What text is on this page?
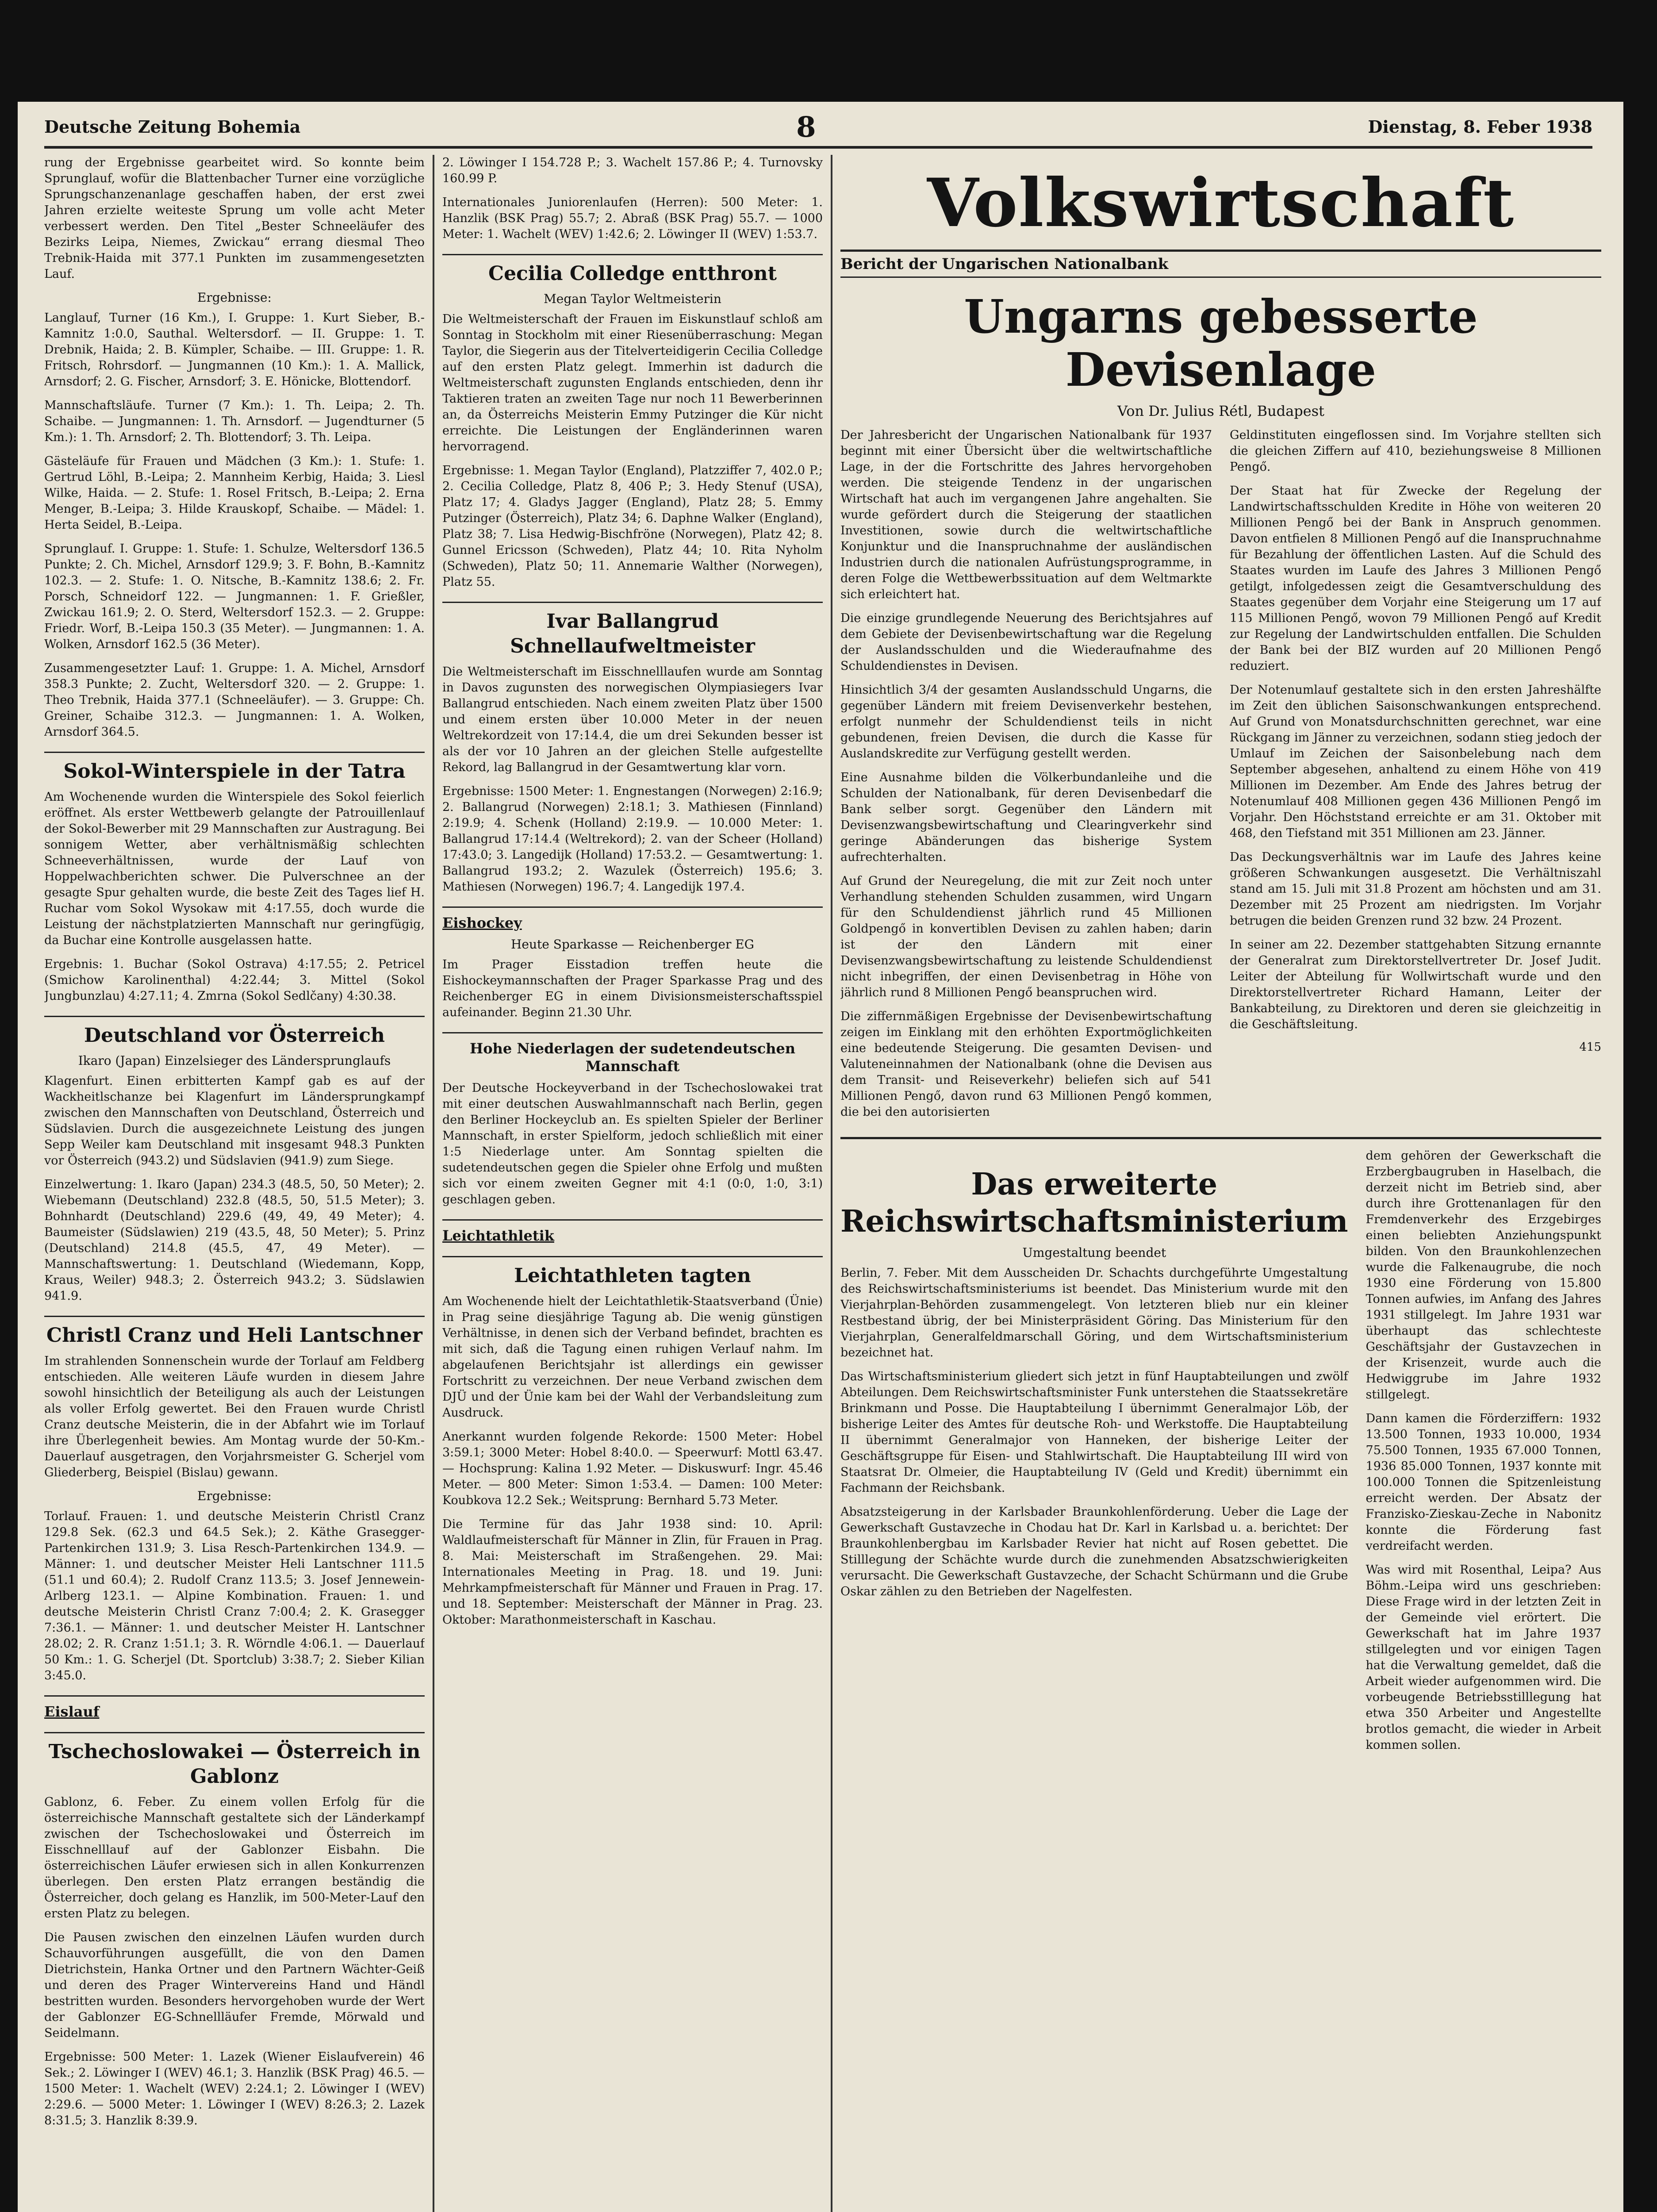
Deutsche Zeitung Bohemia	8	Dienstag, 8. Feber 1938

rung der Ergebnisse gearbeitet wird. So konnte beim Sprunglauf, wofür die Blattenbacher Turner eine vorzügliche Sprungschanzenanlage geschaffen haben, der erst zwei Jahren erzielte weiteste Sprung um volle acht Meter verbessert werden. Den Titel „Bester Schneeläufer des Bezirks Leipa, Niemes, Zwickau“ errang diesmal Theo Trebnik-Haida mit 377.1 Punkten im zusammengesetzten Lauf.

Ergebnisse:

Langlauf, Turner (16 Km.), I. Gruppe: 1. Kurt Sieber, B.-Kamnitz 1:0.0, Sauthal. Weltersdorf. — II. Gruppe: 1. T. Drebnik, Haida; 2. B. Kümpler, Schaibe. — III. Gruppe: 1. R. Fritsch, Rohrsdorf. — Jungmannen (10 Km.): 1. A. Mallick, Arnsdorf; 2. G. Fischer, Arnsdorf; 3. E. Hönicke, Blottendorf.

Mannschaftsläufe. Turner (7 Km.): 1. Th. Leipa; 2. Th. Schaibe. — Jungmannen: 1. Th. Arnsdorf. — Jugendturner (5 Km.): 1. Th. Arnsdorf; 2. Th. Blottendorf; 3. Th. Leipa.

Gästeläufe für Frauen und Mädchen (3 Km.): 1. Stufe: 1. Gertrud Löhl, B.-Leipa; 2. Mannheim Kerbig, Haida; 3. Liesl Wilke, Haida. — 2. Stufe: 1. Rosel Fritsch, B.-Leipa; 2. Erna Menger, B.-Leipa; 3. Hilde Krauskopf, Schaibe. — Mädel: 1. Herta Seidel, B.-Leipa.

Sprunglauf. I. Gruppe: 1. Stufe: 1. Schulze, Weltersdorf 136.5 Punkte; 2. Ch. Michel, Arnsdorf 129.9; 3. F. Bohn, B.-Kamnitz 102.3. — 2. Stufe: 1. O. Nitsche, B.-Kamnitz 138.6; 2. Fr. Porsch, Schneidorf 122. — Jungmannen: 1. F. Grießler, Zwickau 161.9; 2. O. Sterd, Weltersdorf 152.3. — 2. Gruppe: Friedr. Worf, B.-Leipa 150.3 (35 Meter). — Jungmannen: 1. A. Wolken, Arnsdorf 162.5 (36 Meter).

Zusammengesetzter Lauf: 1. Gruppe: 1. A. Michel, Arnsdorf 358.3 Punkte; 2. Zucht, Weltersdorf 320. — 2. Gruppe: 1. Theo Trebnik, Haida 377.1 (Schneeläufer). — 3. Gruppe: Ch. Greiner, Schaibe 312.3. — Jungmannen: 1. A. Wolken, Arnsdorf 364.5.

Sokol-Winterspiele in der Tatra

Am Wochenende wurden die Winterspiele des Sokol feierlich eröffnet. Als erster Wettbewerb gelangte der Patrouillenlauf der Sokol-Bewerber mit 29 Mannschaften zur Austragung. Bei sonnigem Wetter, aber verhältnismäßig schlechten Schneeverhältnissen, wurde der Lauf von Hoppelwachberichten schwer. Die Pulverschnee an der gesagte Spur gehalten wurde, die beste Zeit des Tages lief H. Ruchar vom Sokol Wysokaw mit 4:17.55, doch wurde die Leistung der nächstplatzierten Mannschaft nur geringfügig, da Buchar eine Kontrolle ausgelassen hatte.

Ergebnis: 1. Buchar (Sokol Ostrava) 4:17.55; 2. Petricel (Smichow Karolinenthal) 4:22.44; 3. Mittel (Sokol Jungbunzlau) 4:27.11; 4. Zmrna (Sokol Sedlčany) 4:30.38.

Deutschland vor Österreich
Ikaro (Japan) Einzelsieger des Ländersprunglaufs

Klagenfurt. Einen erbitterten Kampf gab es auf der Wackheitlschanze bei Klagenfurt im Ländersprungkampf zwischen den Mannschaften von Deutschland, Österreich und Südslavien. Durch die ausgezeichnete Leistung des jungen Sepp Weiler kam Deutschland mit insgesamt 948.3 Punkten vor Österreich (943.2) und Südslavien (941.9) zum Siege.

Einzelwertung: 1. Ikaro (Japan) 234.3 (48.5, 50, 50 Meter); 2. Wiebemann (Deutschland) 232.8 (48.5, 50, 51.5 Meter); 3. Bohnhardt (Deutschland) 229.6 (49, 49, 49 Meter); 4. Baumeister (Südslawien) 219 (43.5, 48, 50 Meter); 5. Prinz (Deutschland) 214.8 (45.5, 47, 49 Meter). — Mannschaftswertung: 1. Deutschland (Wiedemann, Kopp, Kraus, Weiler) 948.3; 2. Österreich 943.2; 3. Südslawien 941.9.

Christl Cranz und Heli Lantschner

Im strahlenden Sonnenschein wurde der Torlauf am Feldberg entschieden. Alle weiteren Läufe wurden in diesem Jahre sowohl hinsichtlich der Beteiligung als auch der Leistungen als voller Erfolg gewertet. Bei den Frauen wurde Christl Cranz deutsche Meisterin, die in der Abfahrt wie im Torlauf ihre Überlegenheit bewies. Am Montag wurde der 50-Km.-Dauerlauf ausgetragen, den Vorjahrsmeister G. Scherjel vom Gliederberg, Beispiel (Bislau) gewann.

Ergebnisse:

Torlauf. Frauen: 1. und deutsche Meisterin Christl Cranz 129.8 Sek. (62.3 und 64.5 Sek.); 2. Käthe Grasegger-Partenkirchen 131.9; 3. Lisa Resch-Partenkirchen 134.9. — Männer: 1. und deutscher Meister Heli Lantschner 111.5 (51.1 und 60.4); 2. Rudolf Cranz 113.5; 3. Josef Jennewein-Arlberg 123.1. — Alpine Kombination. Frauen: 1. und deutsche Meisterin Christl Cranz 7:00.4; 2. K. Grasegger 7:36.1. — Männer: 1. und deutscher Meister H. Lantschner 28.02; 2. R. Cranz 1:51.1; 3. R. Wörndle 4:06.1. — Dauerlauf 50 Km.: 1. G. Scherjel (Dt. Sportclub) 3:38.7; 2. Sieber Kilian 3:45.0.

Eislauf
Tschechoslowakei — Österreich in Gablonz

Gablonz, 6. Feber. Zu einem vollen Erfolg für die österreichische Mannschaft gestaltete sich der Länderkampf zwischen der Tschechoslowakei und Österreich im Eisschnelllauf auf der Gablonzer Eisbahn. Die österreichischen Läufer erwiesen sich in allen Konkurrenzen überlegen. Den ersten Platz errangen beständig die Österreicher, doch gelang es Hanzlik, im 500-Meter-Lauf den ersten Platz zu belegen.

Die Pausen zwischen den einzelnen Läufen wurden durch Schauvorführungen ausgefüllt, die von den Damen Dietrichstein, Hanka Ortner und den Partnern Wächter-Geiß und deren des Prager Wintervereins Hand und Händl bestritten wurden. Besonders hervorgehoben wurde der Wert der Gablonzer EG-Schnellläufer Fremde, Mörwald und Seidelmann.

Ergebnisse: 500 Meter: 1. Lazek (Wiener Eislaufverein) 46 Sek.; 2. Löwinger I (WEV) 46.1; 3. Hanzlik (BSK Prag) 46.5. — 1500 Meter: 1. Wachelt (WEV) 2:24.1; 2. Löwinger I (WEV) 2:29.6. — 5000 Meter: 1. Löwinger I (WEV) 8:26.3; 2. Lazek 8:31.5; 3. Hanzlik 8:39.9.

2. Löwinger I 154.728 P.; 3. Wachelt 157.86 P.; 4. Turnovsky 160.99 P.

Internationales Juniorenlaufen (Herren): 500 Meter: 1. Hanzlik (BSK Prag) 55.7; 2. Abraß (BSK Prag) 55.7. — 1000 Meter: 1. Wachelt (WEV) 1:42.6; 2. Löwinger II (WEV) 1:53.7.

Cecilia Colledge entthront
Megan Taylor Weltmeisterin

Die Weltmeisterschaft der Frauen im Eiskunstlauf schloß am Sonntag in Stockholm mit einer Riesenüberraschung: Megan Taylor, die Siegerin aus der Titelverteidigerin Cecilia Colledge auf den ersten Platz gelegt. Immerhin ist dadurch die Weltmeisterschaft zugunsten Englands entschieden, denn ihr Taktieren traten an zweiten Tage nur noch 11 Bewerberinnen an, da Österreichs Meisterin Emmy Putzinger die Kür nicht erreichte. Die Leistungen der Engländerinnen waren hervorragend.

Ergebnisse: 1. Megan Taylor (England), Platzziffer 7, 402.0 P.; 2. Cecilia Colledge, Platz 8, 406 P.; 3. Hedy Stenuf (USA), Platz 17; 4. Gladys Jagger (England), Platz 28; 5. Emmy Putzinger (Österreich), Platz 34; 6. Daphne Walker (England), Platz 38; 7. Lisa Hedwig-Bischfröne (Norwegen), Platz 42; 8. Gunnel Ericsson (Schweden), Platz 44; 10. Rita Nyholm (Schweden), Platz 50; 11. Annemarie Walther (Norwegen), Platz 55.

Ivar Ballangrud Schnellaufweltmeister

Die Weltmeisterschaft im Eisschnelllaufen wurde am Sonntag in Davos zugunsten des norwegischen Olympiasiegers Ivar Ballangrud entschieden. Nach einem zweiten Platz über 1500 und einem ersten über 10.000 Meter in der neuen Weltrekordzeit von 17:14.4, die um drei Sekunden besser ist als der vor 10 Jahren an der gleichen Stelle aufgestellte Rekord, lag Ballangrud in der Gesamtwertung klar vorn.

Ergebnisse: 1500 Meter: 1. Engnestangen (Norwegen) 2:16.9; 2. Ballangrud (Norwegen) 2:18.1; 3. Mathiesen (Finnland) 2:19.9; 4. Schenk (Holland) 2:19.9. — 10.000 Meter: 1. Ballangrud 17:14.4 (Weltrekord); 2. van der Scheer (Holland) 17:43.0; 3. Langedijk (Holland) 17:53.2. — Gesamtwertung: 1. Ballangrud 193.2; 2. Wazulek (Österreich) 195.6; 3. Mathiesen (Norwegen) 196.7; 4. Langedijk 197.4.

Eishockey
Heute Sparkasse — Reichenberger EG

Im Prager Eisstadion treffen heute die Eishockeymannschaften der Prager Sparkasse Prag und des Reichenberger EG in einem Divisionsmeisterschaftsspiel aufeinander. Beginn 21.30 Uhr.

Hohe Niederlagen der sudetendeutschen Mannschaft

Der Deutsche Hockeyverband in der Tschechoslowakei trat mit einer deutschen Auswahlmannschaft nach Berlin, gegen den Berliner Hockeyclub an. Es spielten Spieler der Berliner Mannschaft, in erster Spielform, jedoch schließlich mit einer 1:5 Niederlage unter. Am Sonntag spielten die sudetendeutschen gegen die Spieler ohne Erfolg und mußten sich vor einem zweiten Gegner mit 4:1 (0:0, 1:0, 3:1) geschlagen geben.

Leichtathletik
Leichtathleten tagten

Am Wochenende hielt der Leichtathletik-Staatsverband (Ünie) in Prag seine diesjährige Tagung ab. Die wenig günstigen Verhältnisse, in denen sich der Verband befindet, brachten es mit sich, daß die Tagung einen ruhigen Verlauf nahm. Im abgelaufenen Berichtsjahr ist allerdings ein gewisser Fortschritt zu verzeichnen. Der neue Verband zwischen dem DJÜ und der Ünie kam bei der Wahl der Verbandsleitung zum Ausdruck.

Anerkannt wurden folgende Rekorde: 1500 Meter: Hobel 3:59.1; 3000 Meter: Hobel 8:40.0. — Speerwurf: Mottl 63.47. — Hochsprung: Kalina 1.92 Meter. — Diskuswurf: Ingr. 45.46 Meter. — 800 Meter: Simon 1:53.4. — Damen: 100 Meter: Koubkova 12.2 Sek.; Weitsprung: Bernhard 5.73 Meter.

Die Termine für das Jahr 1938 sind: 10. April: Waldlaufmeisterschaft für Männer in Zlin, für Frauen in Prag. 8. Mai: Meisterschaft im Straßengehen. 29. Mai: Internationales Meeting in Prag. 18. und 19. Juni: Mehrkampfmeisterschaft für Männer und Frauen in Prag. 17. und 18. September: Meisterschaft der Männer in Prag. 23. Oktober: Marathonmeisterschaft in Kaschau.

Volkswirtschaft
Bericht der Ungarischen Nationalbank
Ungarns gebesserte Devisenlage
Von Dr. Julius Rétl, Budapest

Der Jahresbericht der Ungarischen Nationalbank für 1937 beginnt mit einer Übersicht über die weltwirtschaftliche Lage, in der die Fortschritte des Jahres hervorgehoben werden. Die steigende Tendenz in der ungarischen Wirtschaft hat auch im vergangenen Jahre angehalten. Sie wurde gefördert durch die Steigerung der staatlichen Investitionen, sowie durch die weltwirtschaftliche Konjunktur und die Inanspruchnahme der ausländischen Industrien durch die nationalen Aufrüstungsprogramme, in deren Folge die Wettbewerbssituation auf dem Weltmarkte sich erleichtert hat.

Die einzige grundlegende Neuerung des Berichtsjahres auf dem Gebiete der Devisenbewirtschaftung war die Regelung der Auslandsschulden und die Wiederaufnahme des Schuldendienstes in Devisen.

Hinsichtlich 3/4 der gesamten Auslandsschuld Ungarns, die gegenüber Ländern mit freiem Devisenverkehr bestehen, erfolgt nunmehr der Schuldendienst teils in nicht gebundenen, freien Devisen, die durch die Kasse für Auslandskredite zur Verfügung gestellt werden.

Eine Ausnahme bilden die Völkerbundanleihe und die Schulden der Nationalbank, für deren Devisenbedarf die Bank selber sorgt. Gegenüber den Ländern mit Devisenzwangsbewirtschaftung und Clearingverkehr sind geringe Abänderungen das bisherige System aufrechterhalten.

Auf Grund der Neuregelung, die mit zur Zeit noch unter Verhandlung stehenden Schulden zusammen, wird Ungarn für den Schuldendienst jährlich rund 45 Millionen Goldpengő in konvertiblen Devisen zu zahlen haben; darin ist der den Ländern mit einer Devisenzwangsbewirtschaftung zu leistende Schuldendienst nicht inbegriffen, der einen Devisenbetrag in Höhe von jährlich rund 8 Millionen Pengő beanspruchen wird.

Die ziffernmäßigen Ergebnisse der Devisenbewirtschaftung zeigen im Einklang mit den erhöhten Exportmöglichkeiten eine bedeutende Steigerung. Die gesamten Devisen- und Valuteneinnahmen der Nationalbank (ohne die Devisen aus dem Transit- und Reiseverkehr) beliefen sich auf 541 Millionen Pengő, davon rund 63 Millionen Pengő kommen, die bei den autorisierten

Geldinstituten eingeflossen sind. Im Vorjahre stellten sich die gleichen Ziffern auf 410, beziehungsweise 8 Millionen Pengő.

Der Staat hat für Zwecke der Regelung der Landwirtschaftsschulden Kredite in Höhe von weiteren 20 Millionen Pengő bei der Bank in Anspruch genommen. Davon entfielen 8 Millionen Pengő auf die Inanspruchnahme für Bezahlung der öffentlichen Lasten. Auf die Schuld des Staates wurden im Laufe des Jahres 3 Millionen Pengő getilgt, infolgedessen zeigt die Gesamtverschuldung des Staates gegenüber dem Vorjahr eine Steigerung um 17 auf 115 Millionen Pengő, wovon 79 Millionen Pengő auf Kredit zur Regelung der Landwirtschulden entfallen. Die Schulden der Bank bei der BIZ wurden auf 20 Millionen Pengő reduziert.

Der Notenumlauf gestaltete sich in den ersten Jahreshälfte im Zeit den üblichen Saisonschwankungen entsprechend. Auf Grund von Monatsdurchschnitten gerechnet, war eine Rückgang im Jänner zu verzeichnen, sodann stieg jedoch der Umlauf im Zeichen der Saisonbelebung nach dem September abgesehen, anhaltend zu einem Höhe von 419 Millionen im Dezember. Am Ende des Jahres betrug der Notenumlauf 408 Millionen gegen 436 Millionen Pengő im Vorjahr. Den Höchststand erreichte er am 31. Oktober mit 468, den Tiefstand mit 351 Millionen am 23. Jänner.

Das Deckungsverhältnis war im Laufe des Jahres keine größeren Schwankungen ausgesetzt. Die Verhältniszahl stand am 15. Juli mit 31.8 Prozent am höchsten und am 31. Dezember mit 25 Prozent am niedrigsten. Im Vorjahr betrugen die beiden Grenzen rund 32 bzw. 24 Prozent.

In seiner am 22. Dezember stattgehabten Sitzung ernannte der Generalrat zum Direktorstellvertreter Dr. Josef Judit. Leiter der Abteilung für Wollwirtschaft wurde und den Direktorstellvertreter Richard Hamann, Leiter der Bankabteilung, zu Direktoren und deren sie gleichzeitig in die Geschäftsleitung.

415
Das erweiterte Reichswirtschaftsministerium
Umgestaltung beendet

Berlin, 7. Feber. Mit dem Ausscheiden Dr. Schachts durchgeführte Umgestaltung des Reichswirtschaftsministeriums ist beendet. Das Ministerium wurde mit den Vierjahrplan-Behörden zusammengelegt. Von letzteren blieb nur ein kleiner Restbestand übrig, der bei Ministerpräsident Göring. Das Ministerium für den Vierjahrplan, Generalfeldmarschall Göring, und dem Wirtschaftsministerium bezeichnet hat.

Das Wirtschaftsministerium gliedert sich jetzt in fünf Hauptabteilungen und zwölf Abteilungen. Dem Reichswirtschaftsminister Funk unterstehen die Staatssekretäre Brinkmann und Posse. Die Hauptabteilung I übernimmt Generalmajor Löb, der bisherige Leiter des Amtes für deutsche Roh- und Werkstoffe. Die Hauptabteilung II übernimmt Generalmajor von Hanneken, der bisherige Leiter der Geschäftsgruppe für Eisen- und Stahlwirtschaft. Die Hauptabteilung III wird von Staatsrat Dr. Olmeier, die Hauptabteilung IV (Geld und Kredit) übernimmt ein Fachmann der Reichsbank.

Absatzsteigerung in der Karlsbader Braunkohlenförderung. Ueber die Lage der Gewerkschaft Gustavzeche in Chodau hat Dr. Karl in Karlsbad u. a. berichtet: Der Braunkohlenbergbau im Karlsbader Revier hat nicht auf Rosen gebettet. Die Stilllegung der Schächte wurde durch die zunehmenden Absatzschwierigkeiten verursacht. Die Gewerkschaft Gustavzeche, der Schacht Schürmann und die Grube Oskar zählen zu den Betrieben der Nagelfesten.

dem gehören der Gewerkschaft die Erzbergbaugruben in Haselbach, die derzeit nicht im Betrieb sind, aber durch ihre Grottenanlagen für den Fremdenverkehr des Erzgebirges einen beliebten Anziehungspunkt bilden. Von den Braunkohlenzechen wurde die Falkenaugrube, die noch 1930 eine Förderung von 15.800 Tonnen aufwies, im Anfang des Jahres 1931 stillgelegt. Im Jahre 1931 war überhaupt das schlechteste Geschäftsjahr der Gustavzechen in der Krisenzeit, wurde auch die Hedwiggrube im Jahre 1932 stillgelegt.

Dann kamen die Förderziffern: 1932 13.500 Tonnen, 1933 10.000, 1934 75.500 Tonnen, 1935 67.000 Tonnen, 1936 85.000 Tonnen, 1937 konnte mit 100.000 Tonnen die Spitzenleistung erreicht werden. Der Absatz der Franzisko-Zieskau-Zeche in Nabonitz konnte die Förderung fast verdreifacht werden.

Was wird mit Rosenthal, Leipa? Aus Böhm.-Leipa wird uns geschrieben: Diese Frage wird in der letzten Zeit in der Gemeinde viel erörtert. Die Gewerkschaft hat im Jahre 1937 stillgelegten und vor einigen Tagen hat die Verwaltung gemeldet, daß die Arbeit wieder aufgenommen wird. Die vorbeugende Betriebsstilllegung hat etwa 350 Arbeiter und Angestellte brotlos gemacht, die wieder in Arbeit kommen sollen.
